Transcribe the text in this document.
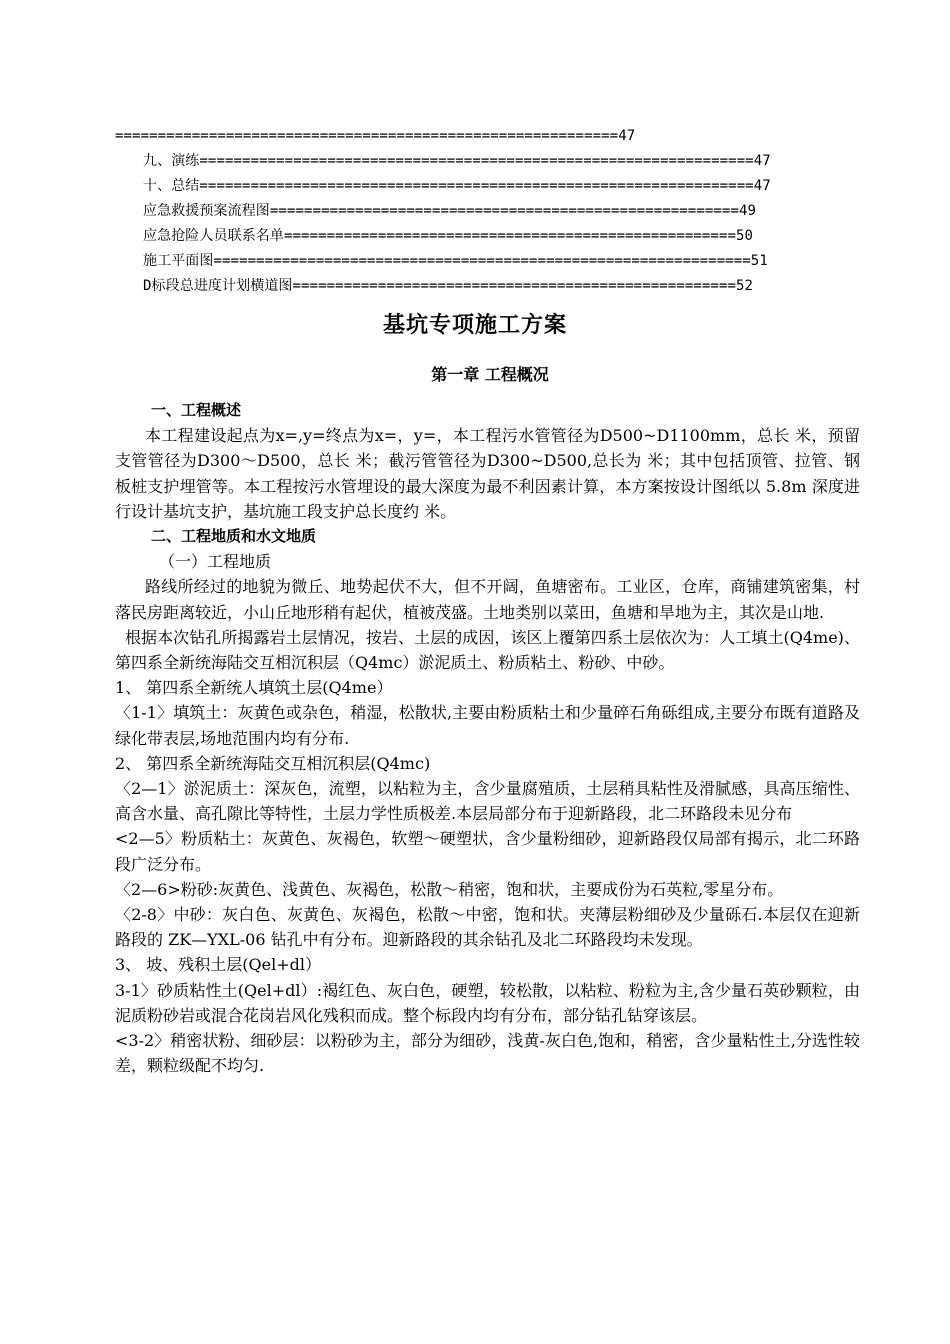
===========================================================47
九、演练=================================================================47
十、总结=================================================================47
应急救援预案流程图=======================================================49
应急抢险人员联系名单=====================================================50
施工平面图===============================================================51
D标段总进度计划横道图====================================================52
基坑专项施工方案
第一章 工程概况

一、工程概述

本工程建设起点为x=,y=终点为x=，y=，本工程污水管管径为D500~D1100mm，总长 米，预留支管管径为D300～D500，总长 米；截污管管径为D300~D500,总长为 米；其中包括顶管、拉管、钢板桩支护埋管等。本工程按污水管埋设的最大深度为最不利因素计算，本方案按设计图纸以 5.8m 深度进行设计基坑支护，基坑施工段支护总长度约 米。

二、工程地质和水文地质

（一）工程地质

路线所经过的地貌为微丘、地势起伏不大，但不开阔，鱼塘密布。工业区，仓库，商铺建筑密集，村落民房距离较近，小山丘地形稍有起伏，植被茂盛。土地类别以菜田，鱼塘和旱地为主，其次是山地.

根据本次钻孔所揭露岩土层情况，按岩、土层的成因，该区上覆第四系土层依次为：人工填土(Q4me)、第四系全新统海陆交互相沉积层（Q4mc）淤泥质土、粉质粘土、粉砂、中砂。

1、 第四系全新统人填筑土层(Q4me）

〈1-1〉填筑土：灰黄色或杂色，稍湿，松散状,主要由粉质粘土和少量碎石角砾组成,主要分布既有道路及绿化带表层,场地范围内均有分布.

2、 第四系全新统海陆交互相沉积层(Q4mc)

〈2—1〉淤泥质土：深灰色，流塑，以粘粒为主，含少量腐殖质，土层稍具粘性及滑腻感，具高压缩性、高含水量、高孔隙比等特性，土层力学性质极差.本层局部分布于迎新路段，北二环路段未见分布

<2—5〉粉质粘土：灰黄色、灰褐色，软塑～硬塑状，含少量粉细砂，迎新路段仅局部有揭示，北二环路段广泛分布。

〈2—6>粉砂:灰黄色、浅黄色、灰褐色，松散～稍密，饱和状，主要成份为石英粒,零星分布。

〈2-8〉中砂：灰白色、灰黄色、灰褐色，松散～中密，饱和状。夹薄层粉细砂及少量砾石.本层仅在迎新路段的 ZK—YXL-06 钻孔中有分布。迎新路段的其余钻孔及北二环路段均未发现。

3、 坡、残积土层(Qel+dl）

3-1〉砂质粘性土(Qel+dl）:褐红色、灰白色，硬塑，较松散，以粘粒、粉粒为主,含少量石英砂颗粒，由泥质粉砂岩或混合花岗岩风化残积而成。整个标段内均有分布，部分钻孔钻穿该层。

<3-2〉稍密状粉、细砂层：以粉砂为主，部分为细砂，浅黄-灰白色,饱和，稍密，含少量粘性土,分选性较差，颗粒级配不均匀.
